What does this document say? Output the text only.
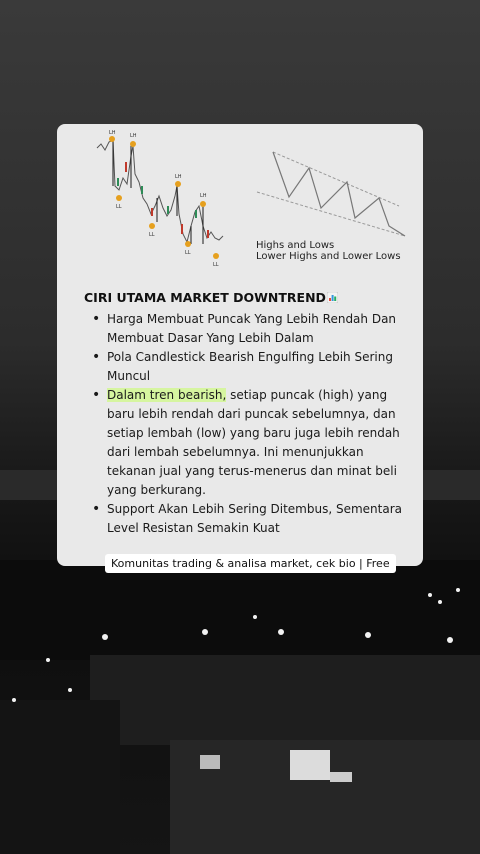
LH	LH
LH
LH
LL
LL
LL
LL
Highs and Lows
Lower Highs and Lower Lows
CIRI UTAMA MARKET DOWNTREND
• Harga Membuat Puncak Yang Lebih Rendah Dan Membuat Dasar Yang Lebih Dalam
• Pola Candlestick Bearish Engulfing Lebih Sering Muncul
• Dalam tren bearish, setiap puncak (high) yang baru lebih rendah dari puncak sebelumnya, dan setiap lembah (low) yang baru juga lebih rendah dari lembah sebelumnya. Ini menunjukkan tekanan jual yang terus-menerus dan minat beli yang berkurang.
• Support Akan Lebih Sering Ditembus, Sementara Level Resistan Semakin Kuat
Komunitas trading & analisa market, cek bio | Free
